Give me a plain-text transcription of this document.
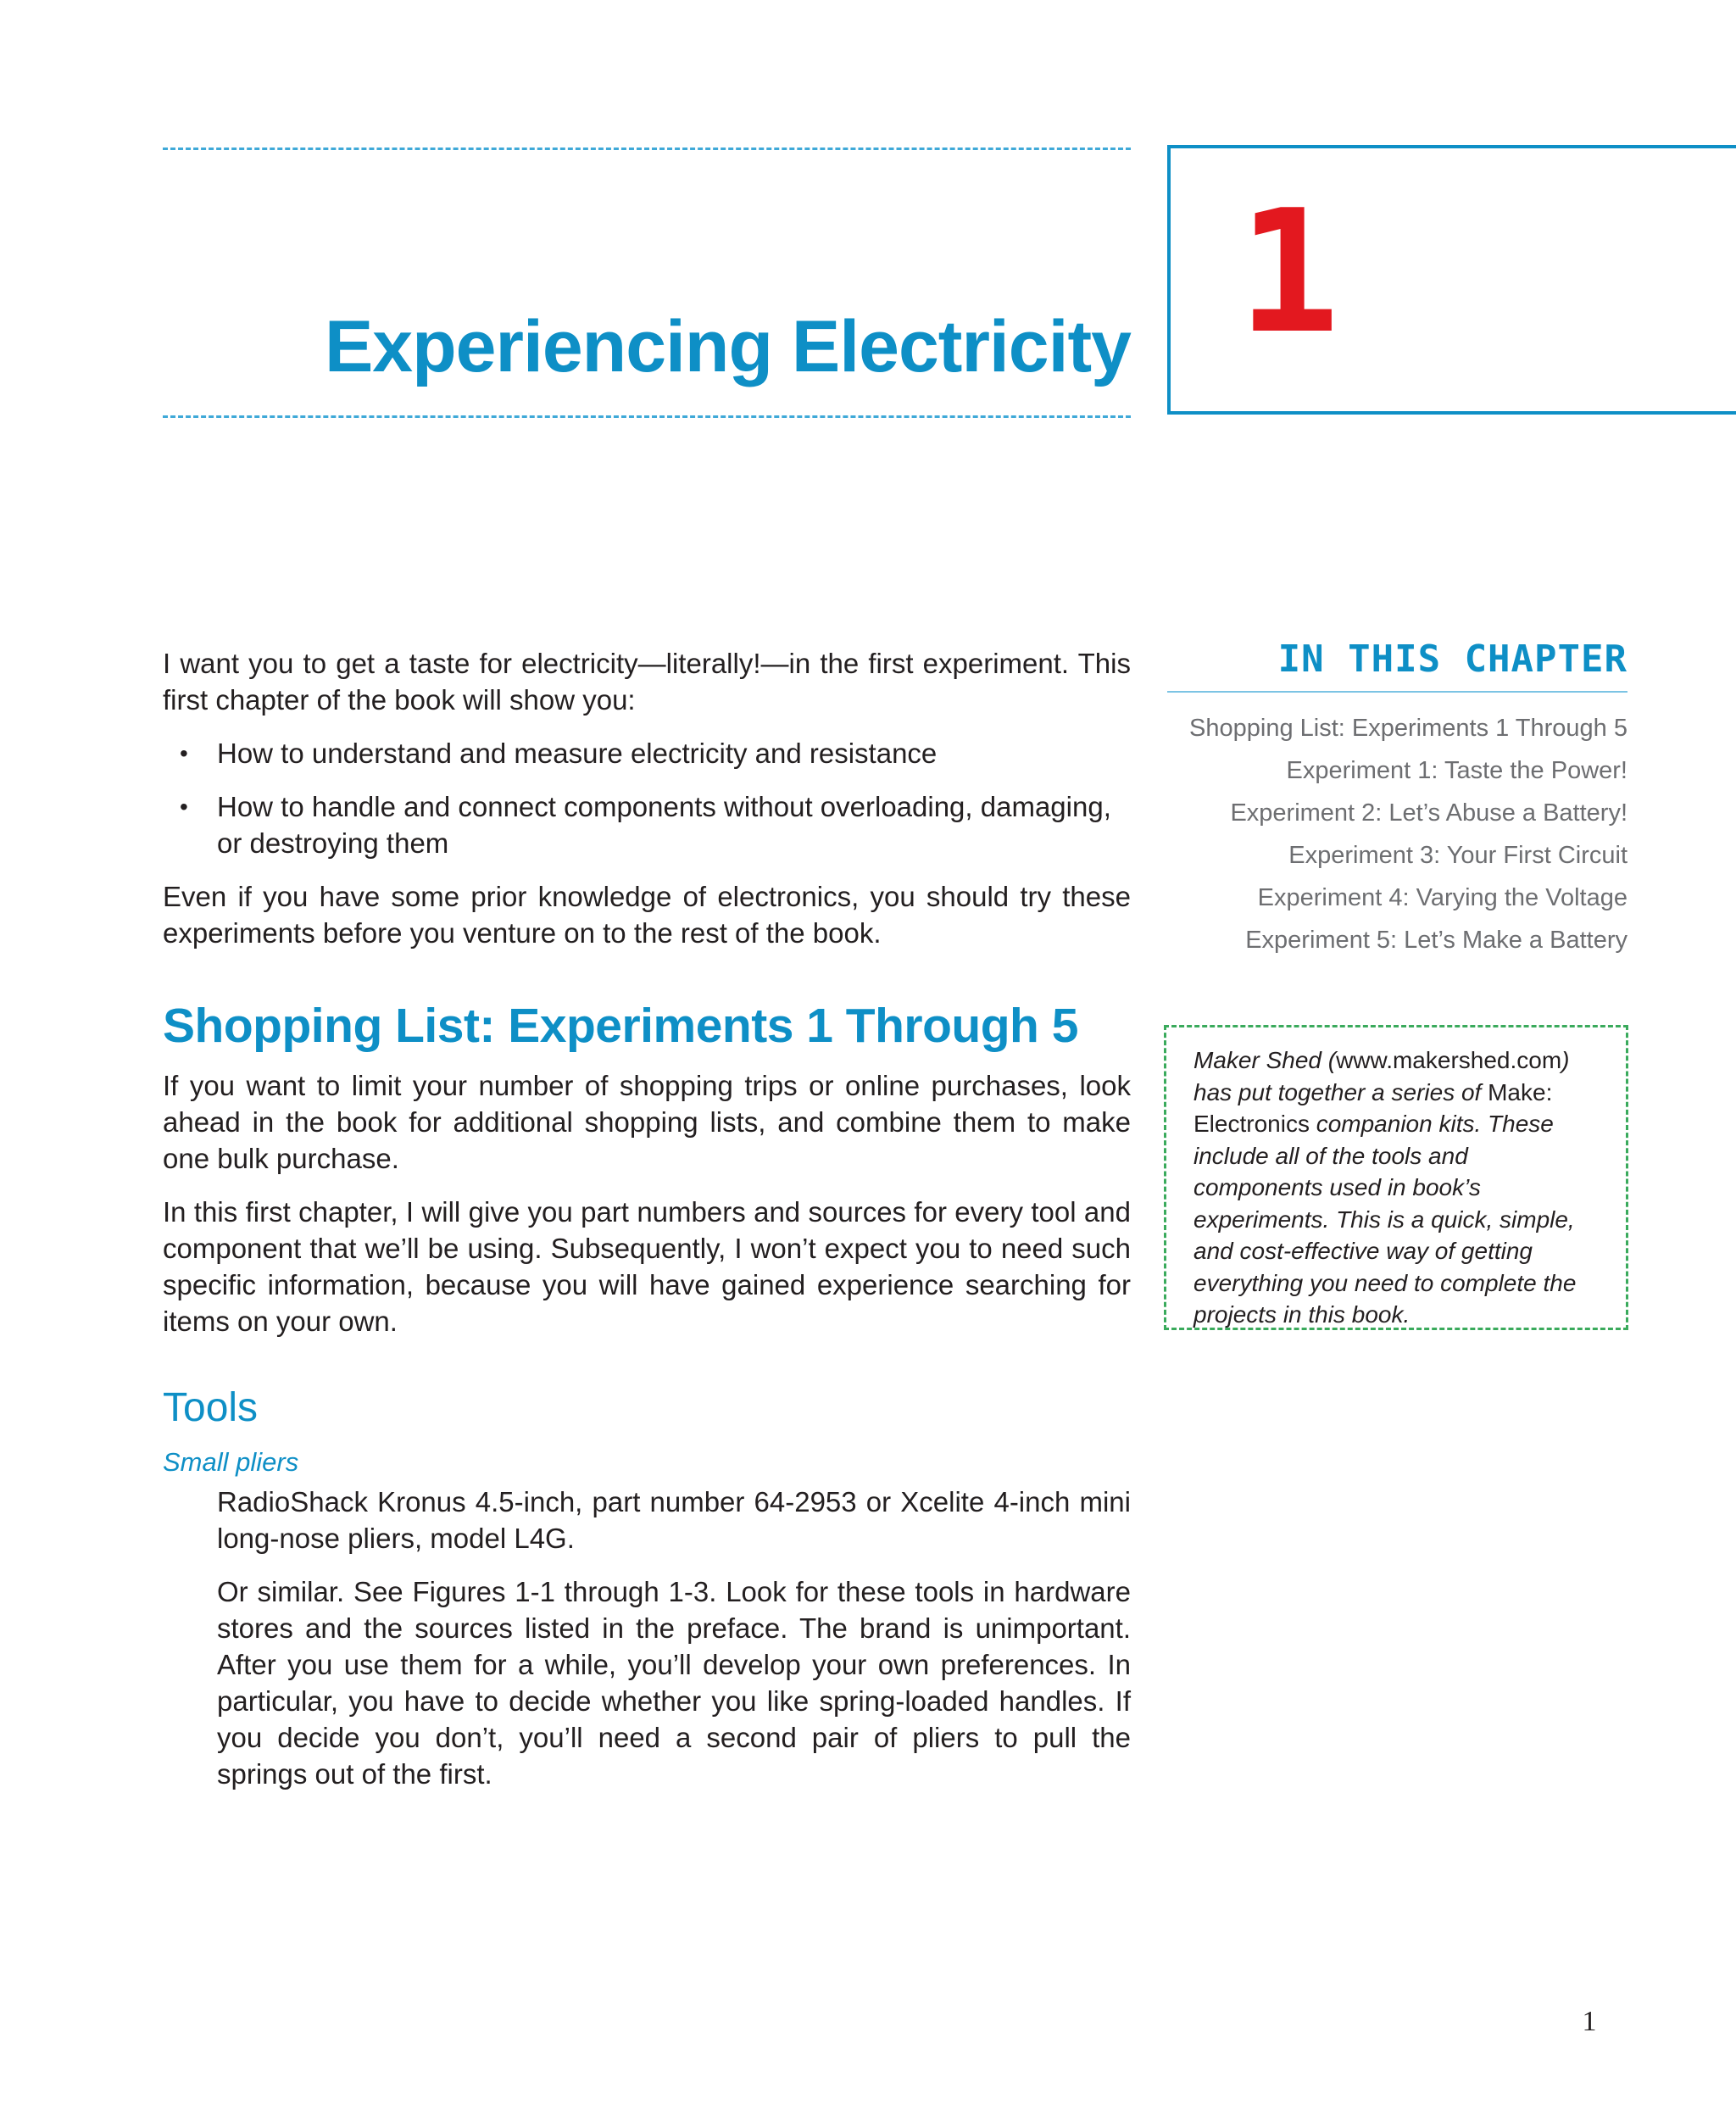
Experiencing Electricity 1

I want you to get a taste for electricity—literally!—in the first experiment. This first chapter of the book will show you:

• How to understand and measure electricity and resistance
• How to handle and connect components without overloading, damaging, or destroying them

Even if you have some prior knowledge of electronics, you should try these experiments before you venture on to the rest of the book.

Shopping List: Experiments 1 Through 5

If you want to limit your number of shopping trips or online purchases, look ahead in the book for additional shopping lists, and combine them to make one bulk purchase.

In this first chapter, I will give you part numbers and sources for every tool and component that we’ll be using. Subsequently, I won’t expect you to need such specific information, because you will have gained experience searching for items on your own.

Tools
Small pliers

RadioShack Kronus 4.5-inch, part number 64-2953 or Xcelite 4-inch mini long-nose pliers, model L4G.

Or similar. See Figures 1-1 through 1-3. Look for these tools in hardware stores and the sources listed in the preface. The brand is unimportant. After you use them for a while, you’ll develop your own preferences. In particular, you have to decide whether you like spring-loaded handles. If you decide you don’t, you’ll need a second pair of pliers to pull the springs out of the first.

IN THIS CHAPTER
Shopping List: Experiments 1 Through 5
Experiment 1: Taste the Power!
Experiment 2: Let’s Abuse a Battery!
Experiment 3: Your First Circuit
Experiment 4: Varying the Voltage
Experiment 5: Let’s Make a Battery
Maker Shed (www.makershed.com) has put together a series of Make: Electronics companion kits. These include all of the tools and components used in book’s experiments. This is a quick, simple, and cost-effective way of getting everything you need to complete the projects in this book.
1
